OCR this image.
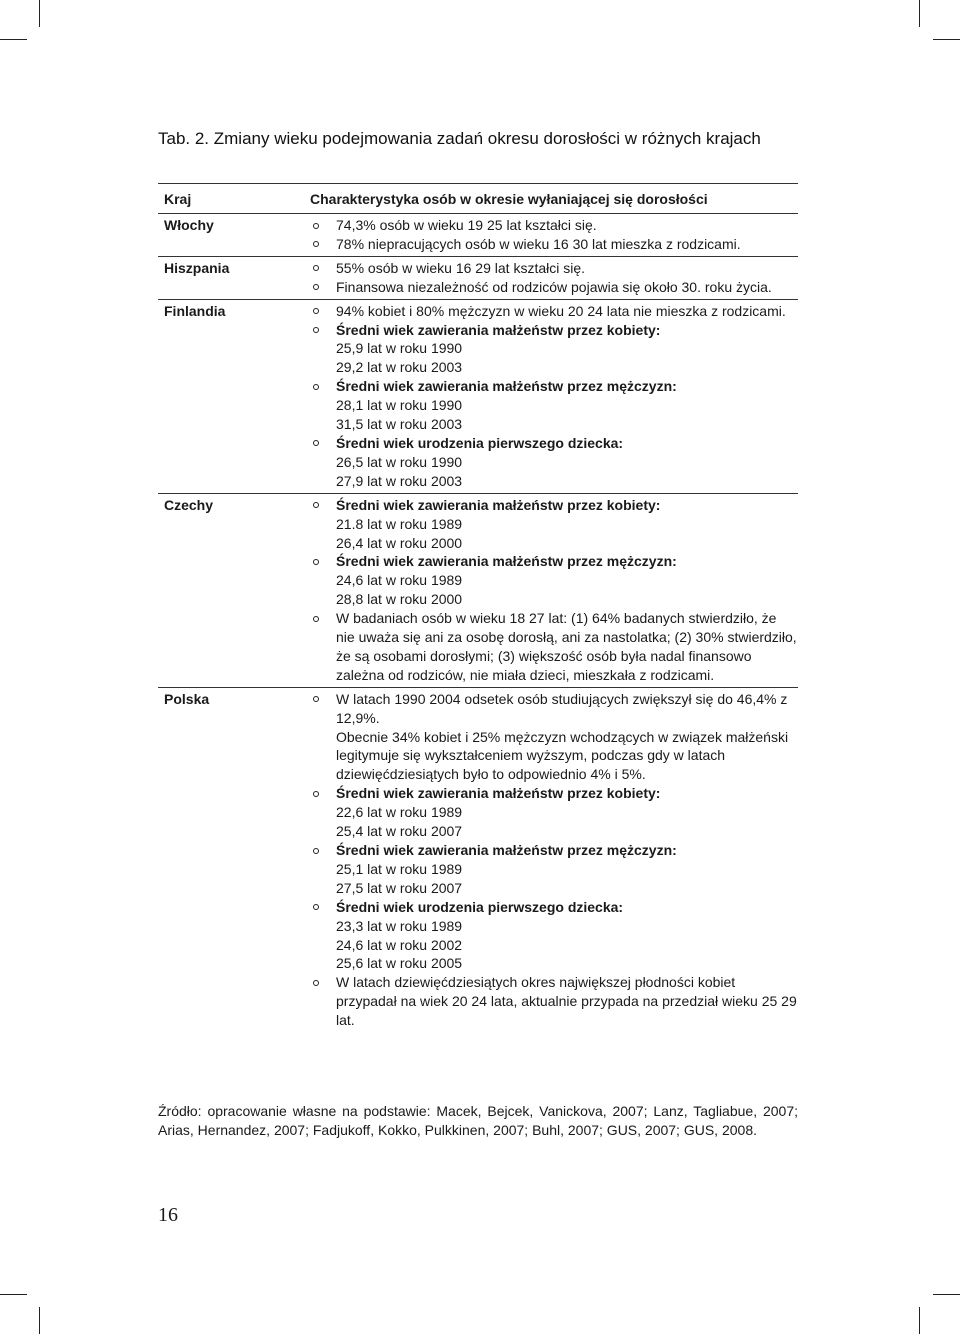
Tab. 2. Zmiany wieku podejmowania zadań okresu dorosłości w różnych krajach
Kraj	Charakterystyka osób w okresie wyłaniającej się dorosłości
Włochy	74,3% osób w wieku 19 25 lat kształci się.
78% niepracujących osób w wieku 16 30 lat mieszka z rodzicami.
Hiszpania	55% osób w wieku 16 29 lat kształci się.
Finansowa niezależność od rodziców pojawia się około 30. roku życia.
Finlandia	94% kobiet i 80% mężczyzn w wieku 20 24 lata nie mieszka z rodzicami.
Średni wiek zawierania małżeństw przez kobiety:
25,9 lat w roku 1990
29,2 lat w roku 2003
Średni wiek zawierania małżeństw przez mężczyzn:
28,1 lat w roku 1990
31,5 lat w roku 2003
Średni wiek urodzenia pierwszego dziecka:
26,5 lat w roku 1990
27,9 lat w roku 2003
Czechy	Średni wiek zawierania małżeństw przez kobiety:
21.8 lat w roku 1989
26,4 lat w roku 2000
Średni wiek zawierania małżeństw przez mężczyzn:
24,6 lat w roku 1989
28,8 lat w roku 2000
W badaniach osób w wieku 18 27 lat: (1) 64% badanych stwierdziło, że nie uważa się ani za osobę dorosłą, ani za nastolatka; (2) 30% stwierdziło, że są osobami dorosłymi; (3) większość osób była nadal finansowo zależna od rodziców, nie miała dzieci, mieszkała z rodzicami.
Polska	W latach 1990 2004 odsetek osób studiujących zwiększył się do 46,4% z 12,9%.
Obecnie 34% kobiet i 25% mężczyzn wchodzących w związek małżeński legitymuje się wykształceniem wyższym, podczas gdy w latach dziewięćdziesiątych było to odpowiednio 4% i 5%.
Średni wiek zawierania małżeństw przez kobiety:
22,6 lat w roku 1989
25,4 lat w roku 2007
Średni wiek zawierania małżeństw przez mężczyzn:
25,1 lat w roku 1989
27,5 lat w roku 2007
Średni wiek urodzenia pierwszego dziecka:
23,3 lat w roku 1989
24,6 lat w roku 2002
25,6 lat w roku 2005
W latach dziewięćdziesiątych okres największej płodności kobiet przypadał na wiek 20 24 lata, aktualnie przypada na przedział wieku 25 29 lat.
Źródło: opracowanie własne na podstawie: Macek, Bejcek, Vanickova, 2007; Lanz, Tagliabue, 2007; Arias, Hernandez, 2007; Fadjukoff, Kokko, Pulkkinen, 2007; Buhl, 2007; GUS, 2007; GUS, 2008.
16
